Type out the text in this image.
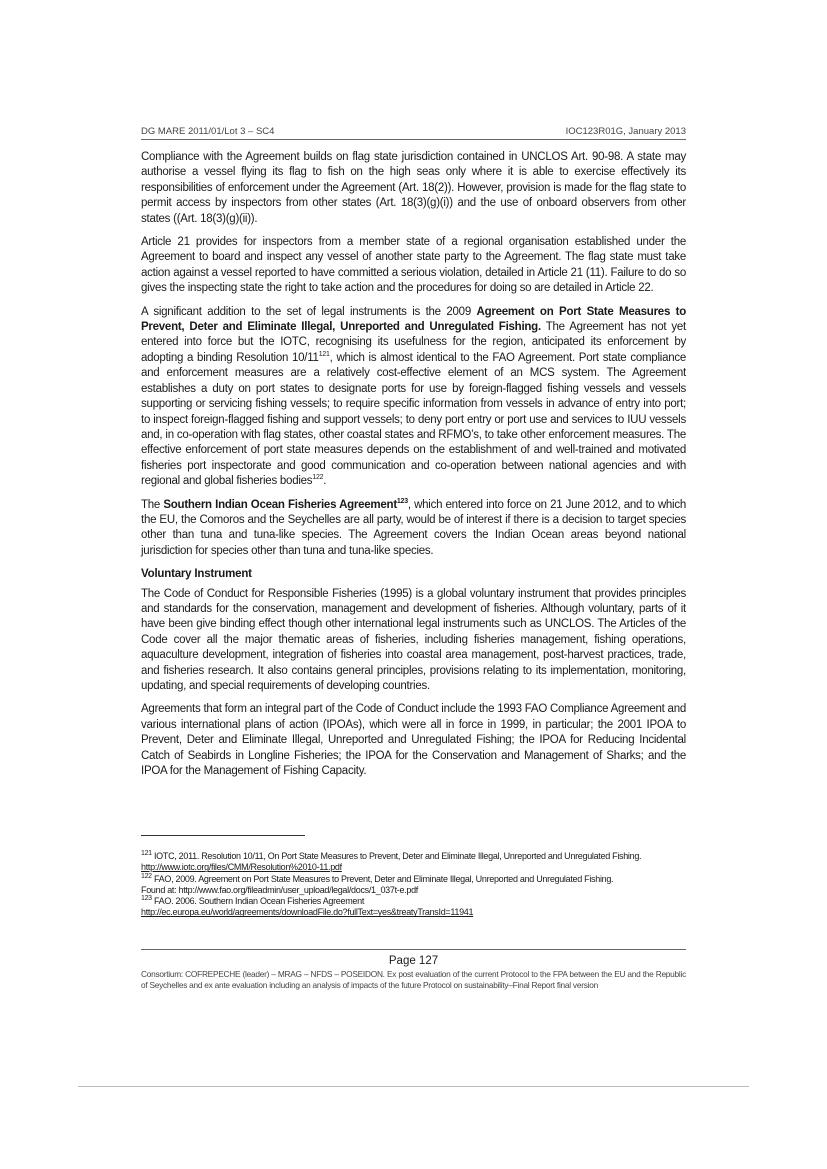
DG MARE 2011/01/Lot 3 – SC4	IOC123R01G, January 2013

Compliance with the Agreement builds on flag state jurisdiction contained in UNCLOS Art. 90-98. A state may authorise a vessel flying its flag to fish on the high seas only where it is able to exercise effectively its responsibilities of enforcement under the Agreement (Art. 18(2)). However, provision is made for the flag state to permit access by inspectors from other states (Art. 18(3)(g)(i)) and the use of onboard observers from other states ((Art. 18(3)(g)(ii)).

Article 21 provides for inspectors from a member state of a regional organisation established under the Agreement to board and inspect any vessel of another state party to the Agreement. The flag state must take action against a vessel reported to have committed a serious violation, detailed in Article 21 (11). Failure to do so gives the inspecting state the right to take action and the procedures for doing so are detailed in Article 22.

A significant addition to the set of legal instruments is the 2009 Agreement on Port State Measures to Prevent, Deter and Eliminate Illegal, Unreported and Unregulated Fishing. The Agreement has not yet entered into force but the IOTC, recognising its usefulness for the region, anticipated its enforcement by adopting a binding Resolution $10/11^{121}$, which is almost identical to the FAO Agreement. Port state compliance and enforcement measures are a relatively cost-effective element of an MCS system. The Agreement establishes a duty on port states to designate ports for use by foreign-flagged fishing vessels and vessels supporting or servicing fishing vessels; to require specific information from vessels in advance of entry into port; to inspect foreign-flagged fishing and support vessels; to deny port entry or port use and services to IUU vessels and, in co-operation with flag states, other coastal states and RFMO’s, to take other enforcement measures. The effective enforcement of port state measures depends on the establishment of and well-trained and motivated fisheries port inspectorate and good communication and co-operation between national agencies and with regional and global fisheries bodies$^{122}$.

The Southern Indian Ocean Fisheries Agreement$^{123}$, which entered into force on 21 June 2012, and to which the EU, the Comoros and the Seychelles are all party, would be of interest if there is a decision to target species other than tuna and tuna-like species. The Agreement covers the Indian Ocean areas beyond national jurisdiction for species other than tuna and tuna-like species.

Voluntary Instrument

The Code of Conduct for Responsible Fisheries (1995) is a global voluntary instrument that provides principles and standards for the conservation, management and development of fisheries. Although voluntary, parts of it have been give binding effect though other international legal instruments such as UNCLOS. The Articles of the Code cover all the major thematic areas of fisheries, including fisheries management, fishing operations, aquaculture development, integration of fisheries into coastal area management, post-harvest practices, trade, and fisheries research. It also contains general principles, provisions relating to its implementation, monitoring, updating, and special requirements of developing countries.

Agreements that form an integral part of the Code of Conduct include the 1993 FAO Compliance Agreement and various international plans of action (IPOAs), which were all in force in 1999, in particular; the 2001 IPOA to Prevent, Deter and Eliminate Illegal, Unreported and Unregulated Fishing; the IPOA for Reducing Incidental Catch of Seabirds in Longline Fisheries; the IPOA for the Conservation and Management of Sharks; and the IPOA for the Management of Fishing Capacity.

$^{121}$ IOTC, 2011. Resolution 10/11, On Port State Measures to Prevent, Deter and Eliminate Illegal, Unreported and Unregulated Fishing. http://www.iotc.org/files/CMM/Resolution%2010-11.pdf
$^{122}$ FAO, 2009. Agreement on Port State Measures to Prevent, Deter and Eliminate Illegal, Unreported and Unregulated Fishing.
Found at: http://www.fao.org/fileadmin/user_upload/legal/docs/1_037t-e.pdf
$^{123}$ FAO. 2006. Southern Indian Ocean Fisheries Agreement
http://ec.europa.eu/world/agreements/downloadFile.do?fullText=yes&treatyTransId=11941
Page 127
Consortium: COFREPECHE (leader) – MRAG – NFDS – POSEIDON. Ex post evaluation of the current Protocol to the FPA between the EU and the Republic of Seychelles and ex ante evaluation including an analysis of impacts of the future Protocol on sustainability–Final Report final version
